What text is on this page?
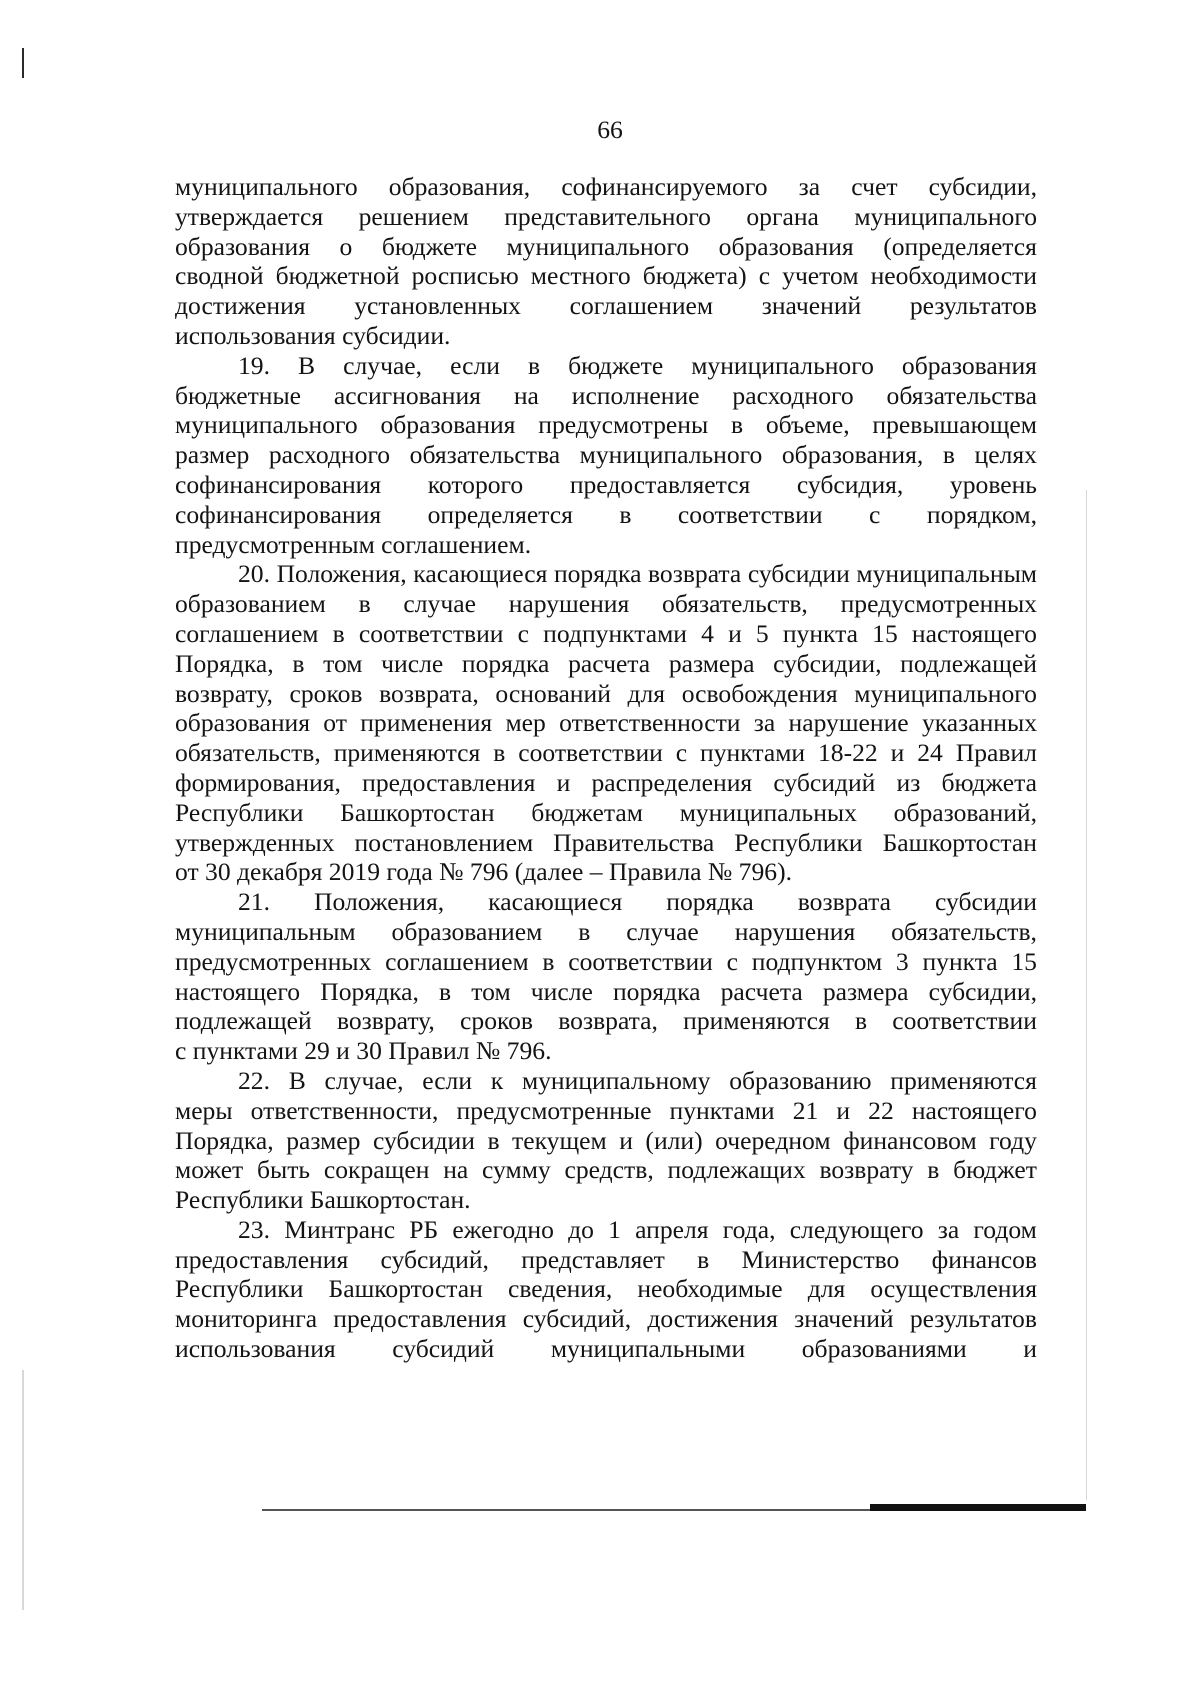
66
муниципального образования, софинансируемого за счет субсидии,
утверждается решением представительного органа муниципального
образования о бюджете муниципального образования (определяется
сводной бюджетной росписью местного бюджета) с учетом необходимости
достижения установленных соглашением значений результатов
использования субсидии.
19. В случае, если в бюджете муниципального образования
бюджетные ассигнования на исполнение расходного обязательства
муниципального образования предусмотрены в объеме, превышающем
размер расходного обязательства муниципального образования, в целях
софинансирования которого предоставляется субсидия, уровень
софинансирования определяется в соответствии с порядком,
предусмотренным соглашением.
20. Положения, касающиеся порядка возврата субсидии муниципальным
образованием в случае нарушения обязательств, предусмотренных
соглашением в соответствии с подпунктами 4 и 5 пункта 15 настоящего
Порядка, в том числе порядка расчета размера субсидии, подлежащей
возврату, сроков возврата, оснований для освобождения муниципального
образования от применения мер ответственности за нарушение указанных
обязательств, применяются в соответствии с пунктами 18-22 и 24 Правил
формирования, предоставления и распределения субсидий из бюджета
Республики Башкортостан бюджетам муниципальных образований,
утвержденных постановлением Правительства Республики Башкортостан
от 30 декабря 2019 года № 796 (далее – Правила № 796).
21. Положения, касающиеся порядка возврата субсидии
муниципальным образованием в случае нарушения обязательств,
предусмотренных соглашением в соответствии с подпунктом 3 пункта 15
настоящего Порядка, в том числе порядка расчета размера субсидии,
подлежащей возврату, сроков возврата, применяются в соответствии
с пунктами 29 и 30 Правил № 796.
22. В случае, если к муниципальному образованию применяются
меры ответственности, предусмотренные пунктами 21 и 22 настоящего
Порядка, размер субсидии в текущем и (или) очередном финансовом году
может быть сокращен на сумму средств, подлежащих возврату в бюджет
Республики Башкортостан.
23. Минтранс РБ ежегодно до 1 апреля года, следующего за годом
предоставления субсидий, представляет в Министерство финансов
Республики Башкортостан сведения, необходимые для осуществления
мониторинга предоставления субсидий, достижения значений результатов
использования субсидий муниципальными образованиями и
